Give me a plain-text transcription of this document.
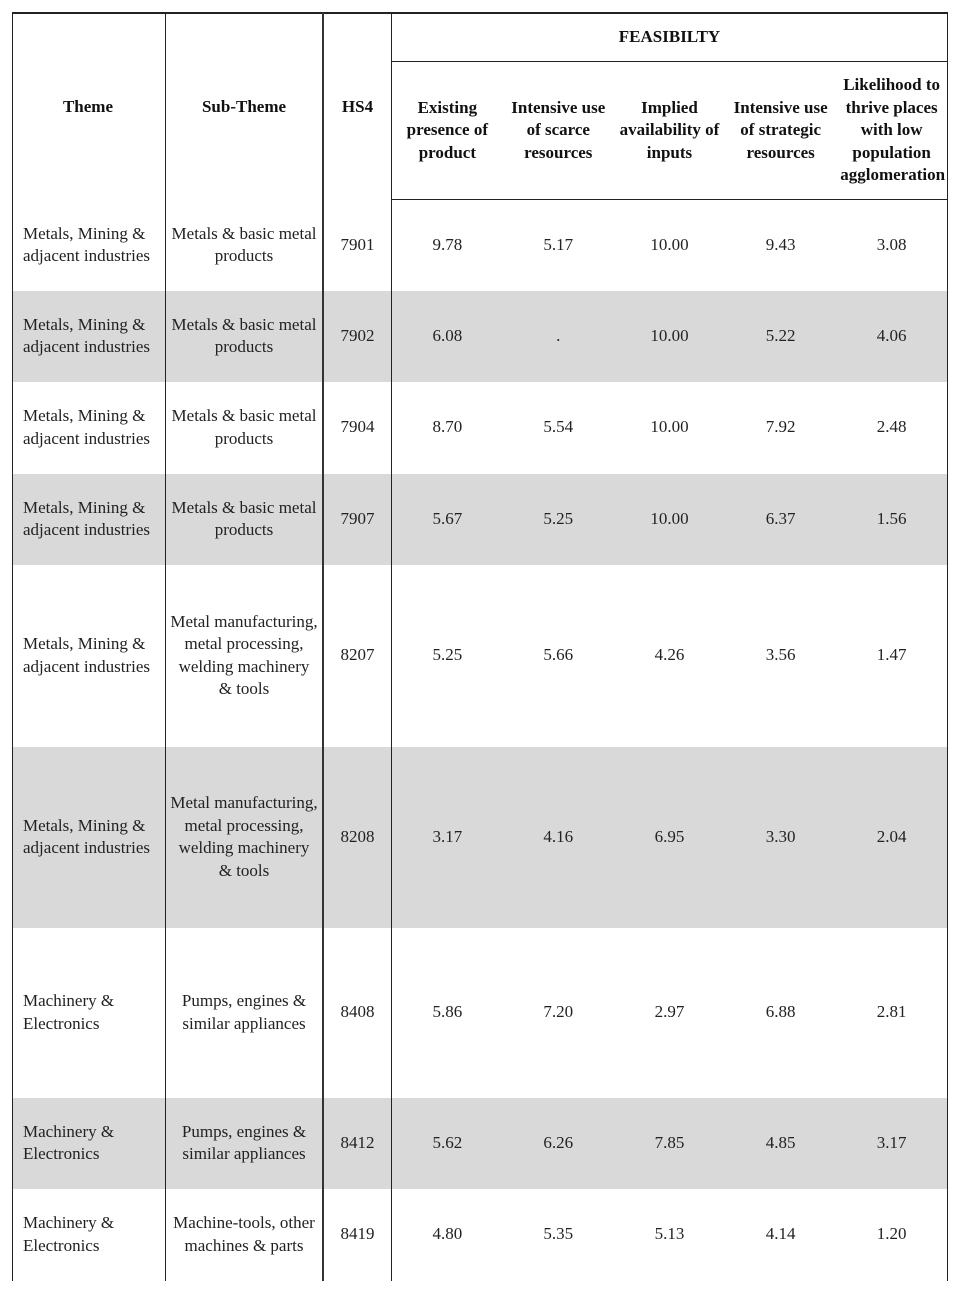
Theme	Sub-Theme	HS4	FEASIBILTY				
			Existing presence of product	Intensive use of scarce resources	Implied availability of inputs	Intensive use of strategic resources	Likelihood to thrive places with low population agglomeration
Metals, Mining & adjacent industries	Metals & basic metal products	7901	9.78	5.17	10.00	9.43	3.08
Metals, Mining & adjacent industries	Metals & basic metal products	7902	6.08	.	10.00	5.22	4.06
Metals, Mining & adjacent industries	Metals & basic metal products	7904	8.70	5.54	10.00	7.92	2.48
Metals, Mining & adjacent industries	Metals & basic metal products	7907	5.67	5.25	10.00	6.37	1.56
Metals, Mining & adjacent industries	Metal manufacturing, metal processing, welding machinery & tools	8207	5.25	5.66	4.26	3.56	1.47
Metals, Mining & adjacent industries	Metal manufacturing, metal processing, welding machinery & tools	8208	3.17	4.16	6.95	3.30	2.04
Machinery & Electronics	Pumps, engines & similar appliances	8408	5.86	7.20	2.97	6.88	2.81
Machinery & Electronics	Pumps, engines & similar appliances	8412	5.62	6.26	7.85	4.85	3.17
Machinery & Electronics	Machine-tools, other machines & parts	8419	4.80	5.35	5.13	4.14	1.20
